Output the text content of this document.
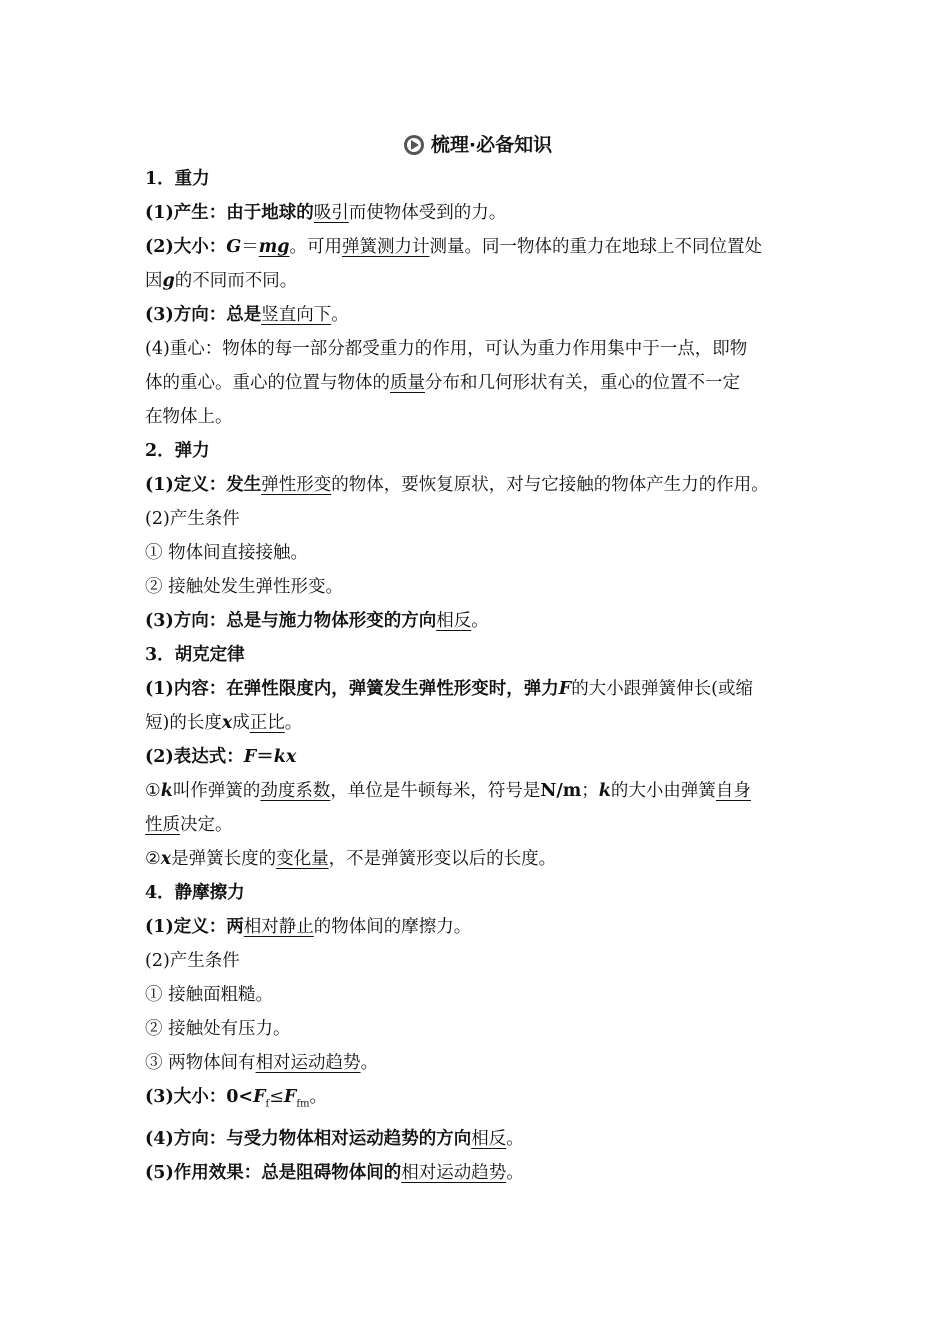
梳理·必备知识

1．重力

(1)产生：由于地球的吸引而使物体受到的力。

(2)大小：G＝mg。可用弹簧测力计测量。同一物体的重力在地球上不同位置处

因g的不同而不同。

(3)方向：总是竖直向下。

(4)重心：物体的每一部分都受重力的作用，可认为重力作用集中于一点，即物

体的重心。重心的位置与物体的质量分布和几何形状有关，重心的位置不一定

在物体上。

2．弹力

(1)定义：发生弹性形变的物体，要恢复原状，对与它接触的物体产生力的作用。

(2)产生条件

① 物体间直接接触。

② 接触处发生弹性形变。

(3)方向：总是与施力物体形变的方向相反。

3．胡克定律

(1)内容：在弹性限度内，弹簧发生弹性形变时，弹力F的大小跟弹簧伸长(或缩

短)的长度x成正比。

(2)表达式：F＝kx

①k叫作弹簧的劲度系数，单位是牛顿每米，符号是N/m；k的大小由弹簧自身

性质决定。

②x是弹簧长度的变化量，不是弹簧形变以后的长度。

4．静摩擦力

(1)定义：两相对静止的物体间的摩擦力。

(2)产生条件

① 接触面粗糙。

② 接触处有压力。

③ 两物体间有相对运动趋势。

(3)大小：$0<F_f\le F_{fm}$。

(4)方向：与受力物体相对运动趋势的方向相反。

(5)作用效果：总是阻碍物体间的相对运动趋势。
